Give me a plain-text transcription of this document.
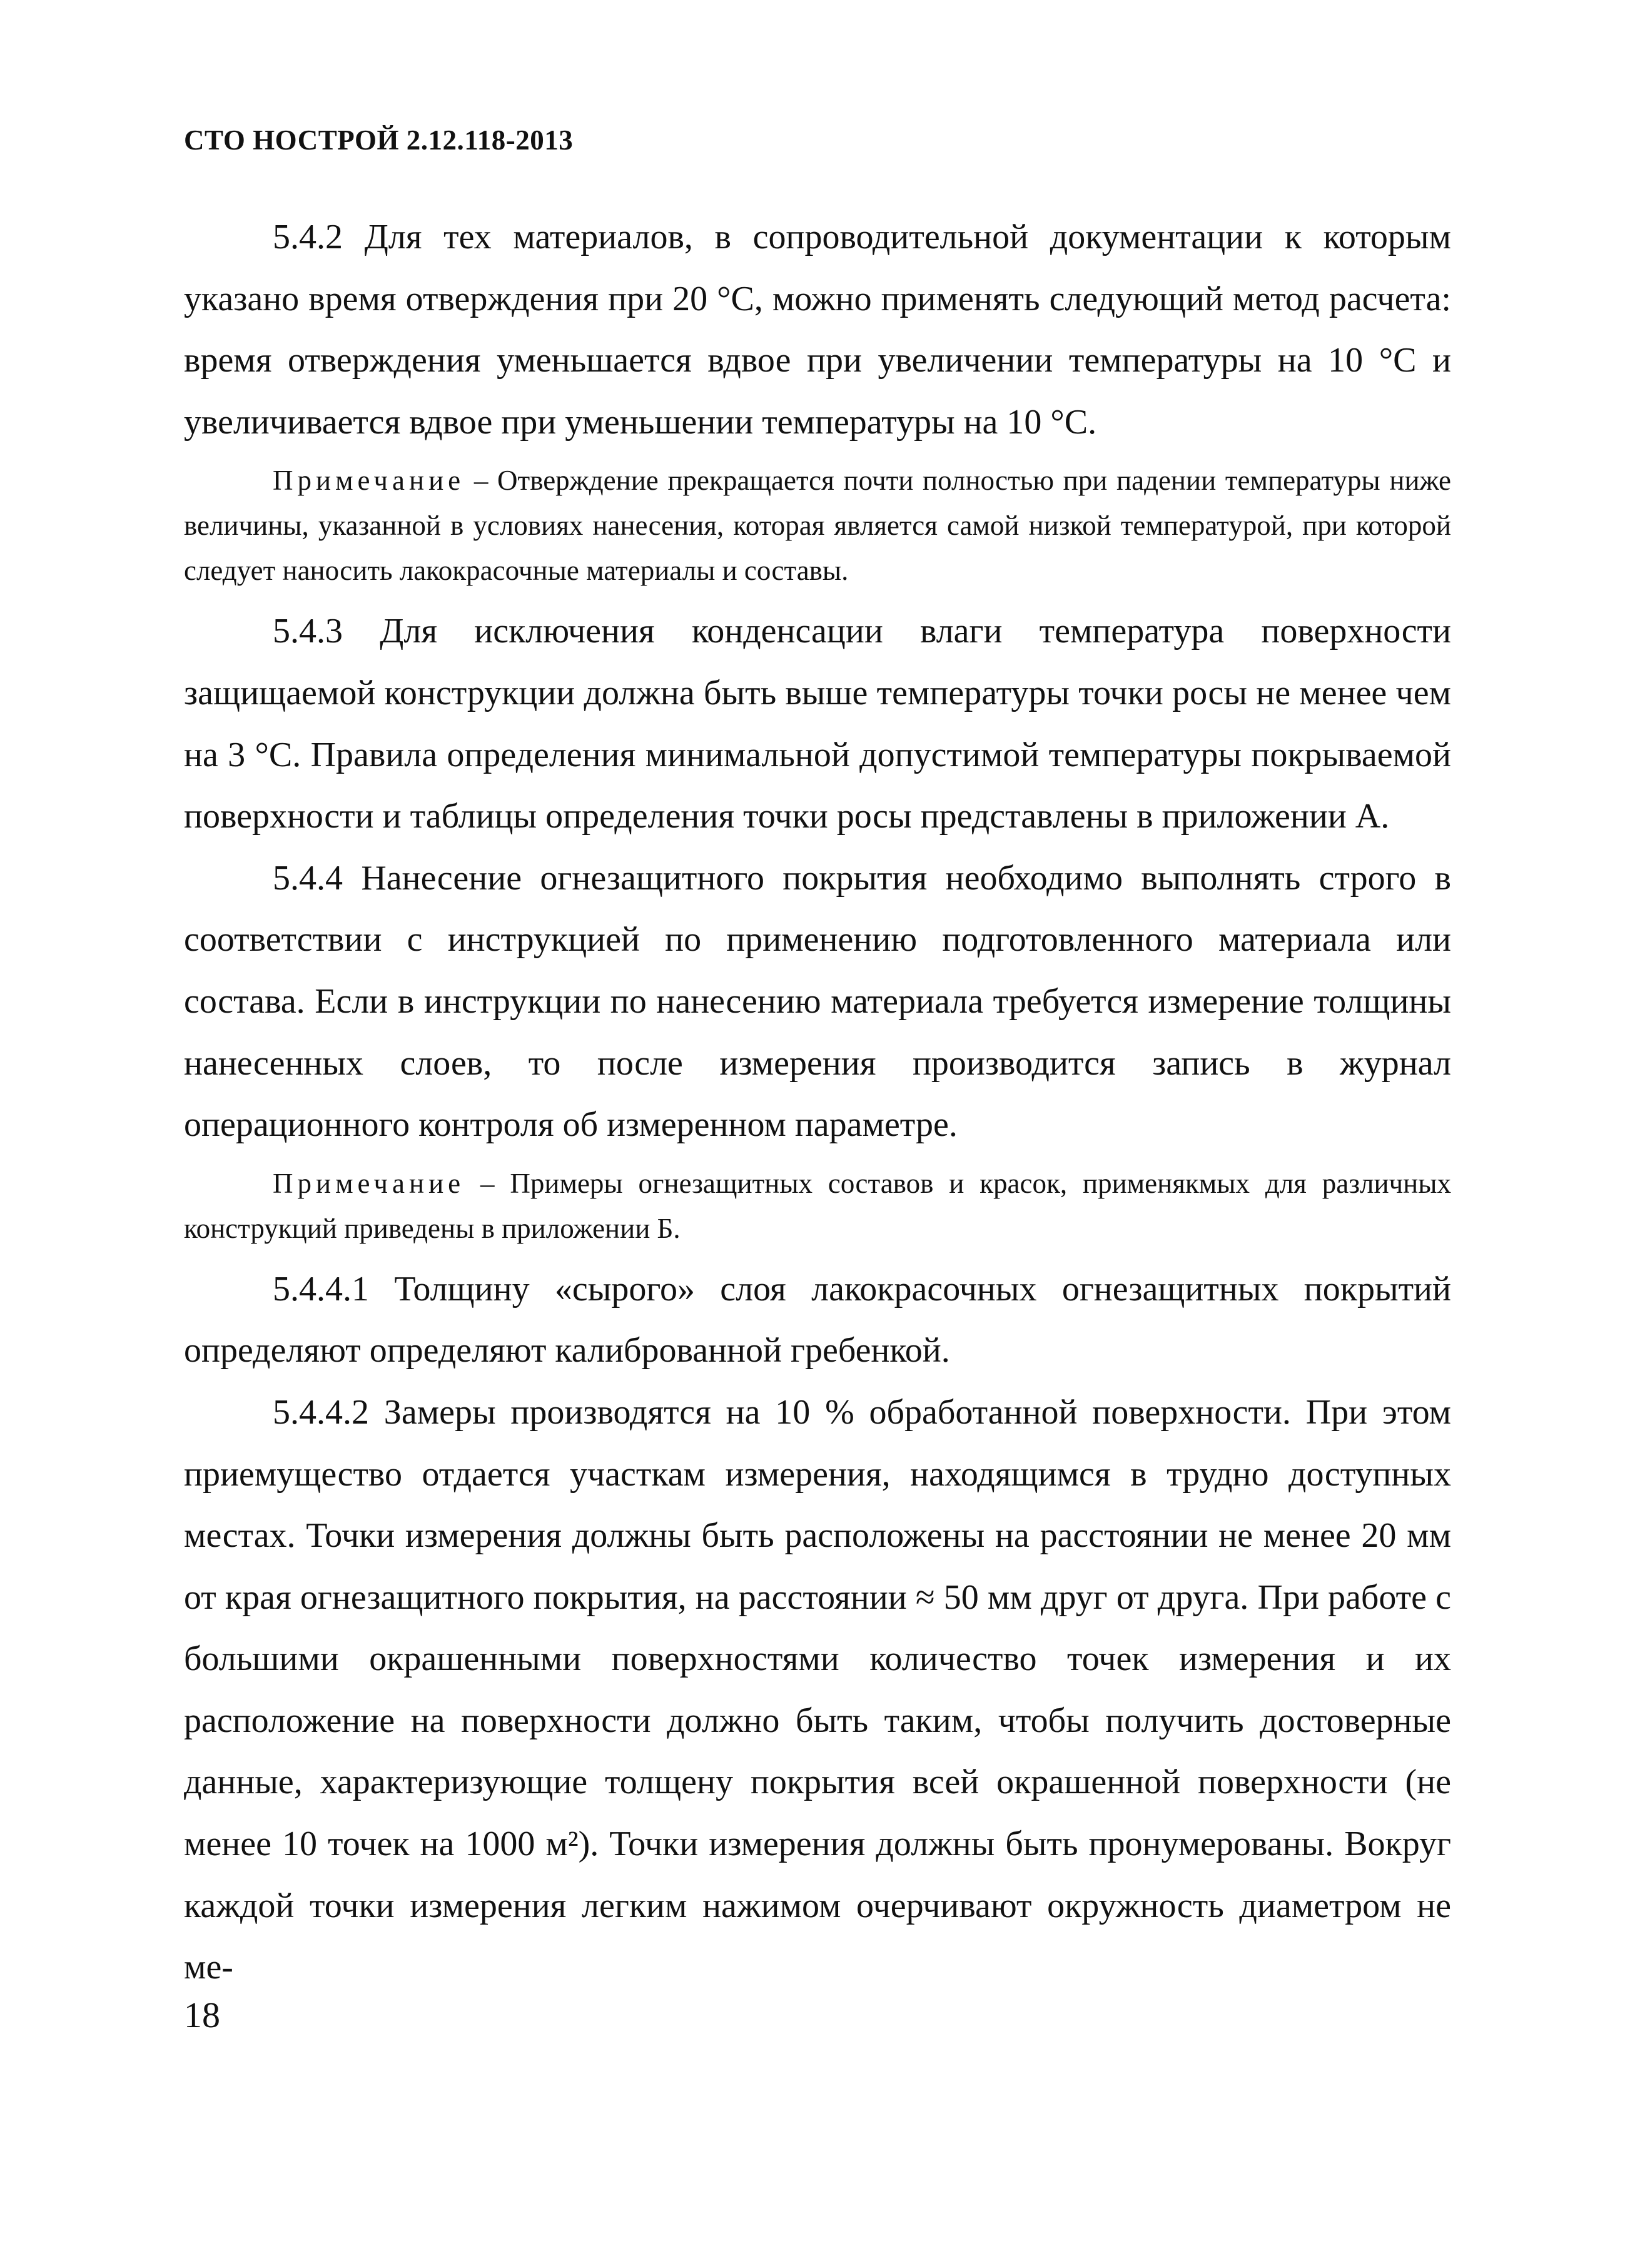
СТО НОСТРОЙ 2.12.118-2013

5.4.2 Для тех материалов, в сопроводительной документации к которым указано время отверждения при 20 °С, можно применять следующий метод расчета: время отверждения уменьшается вдвое при увеличении температуры на 10 °С и увеличивается вдвое при уменьшении температуры на 10 °С.

Примечание – Отверждение прекращается почти полностью при падении температуры ниже величины, указанной в условиях нанесения, которая является самой низкой температурой, при которой следует наносить лакокрасочные материалы и составы.

5.4.3 Для исключения конденсации влаги температура поверхности защищаемой конструкции должна быть выше температуры точки росы не менее чем на 3 °С. Правила определения минимальной допустимой температуры покрываемой поверхности и таблицы определения точки росы представлены в приложении А.

5.4.4 Нанесение огнезащитного покрытия необходимо выполнять строго в соответствии с инструкцией по применению подготовленного материала или состава. Если в инструкции по нанесению материала требуется измерение толщины нанесенных слоев, то после измерения производится запись в журнал операционного контроля об измеренном параметре.

Примечание – Примеры огнезащитных составов и красок, применякмых для различных конструкций приведены в приложении Б.

5.4.4.1 Толщину «сырого» слоя лакокрасочных огнезащитных покрытий определяют определяют калиброванной гребенкой.

5.4.4.2 Замеры производятся на 10 % обработанной поверхности. При этом приемущество отдается участкам измерения, находящимся в трудно доступных местах. Точки измерения должны быть расположены на расстоянии не менее 20 мм от края огнезащитного покрытия, на расстоянии ≈ 50 мм друг от друга. При работе с большими окрашенными поверхностями количество точек измерения и их расположение на поверхности должно быть таким, чтобы получить достоверные данные, характеризующие толщену покрытия всей окрашенной поверхности (не менее 10 точек на 1000 м²). Точки измерения должны быть пронумерованы. Вокруг каждой точки измерения легким нажимом очерчивают окружность диаметром не ме-

18
